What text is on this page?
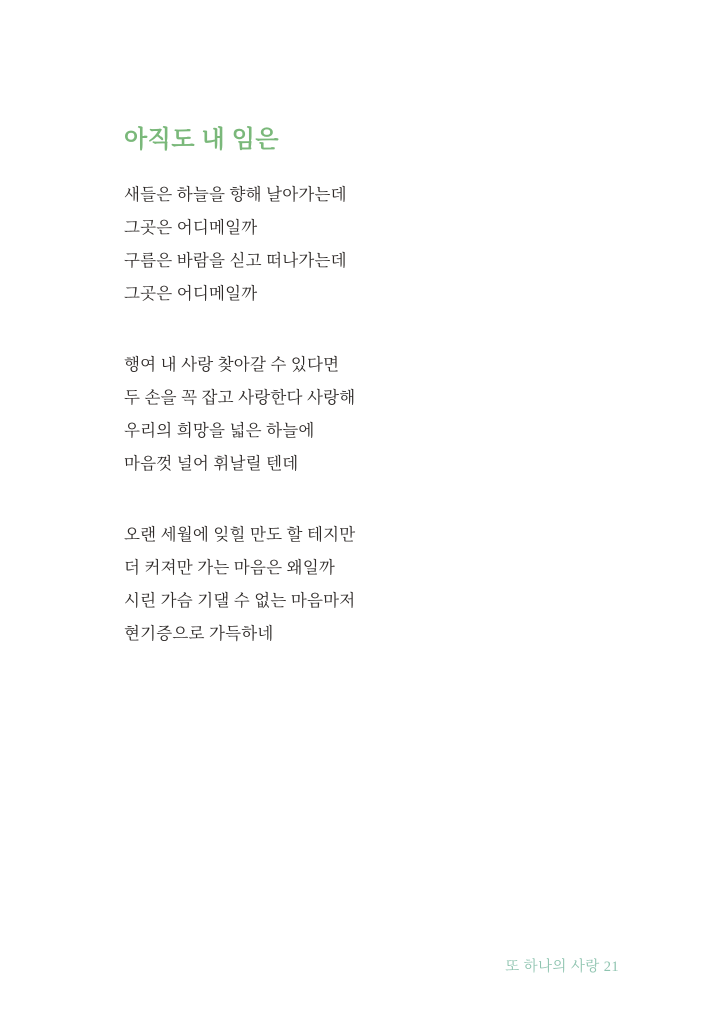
아직도 내 임은
새들은 하늘을 향해 날아가는데
그곳은 어디메일까
구름은 바람을 싣고 떠나가는데
그곳은 어디메일까
행여 내 사랑 찾아갈 수 있다면
두 손을 꼭 잡고 사랑한다 사랑해
우리의 희망을 넓은 하늘에
마음껏 널어 휘날릴 텐데
오랜 세월에 잊힐 만도 할 테지만
더 커져만 가는 마음은 왜일까
시린 가슴 기댈 수 없는 마음마저
현기증으로 가득하네
또 하나의 사랑 21
